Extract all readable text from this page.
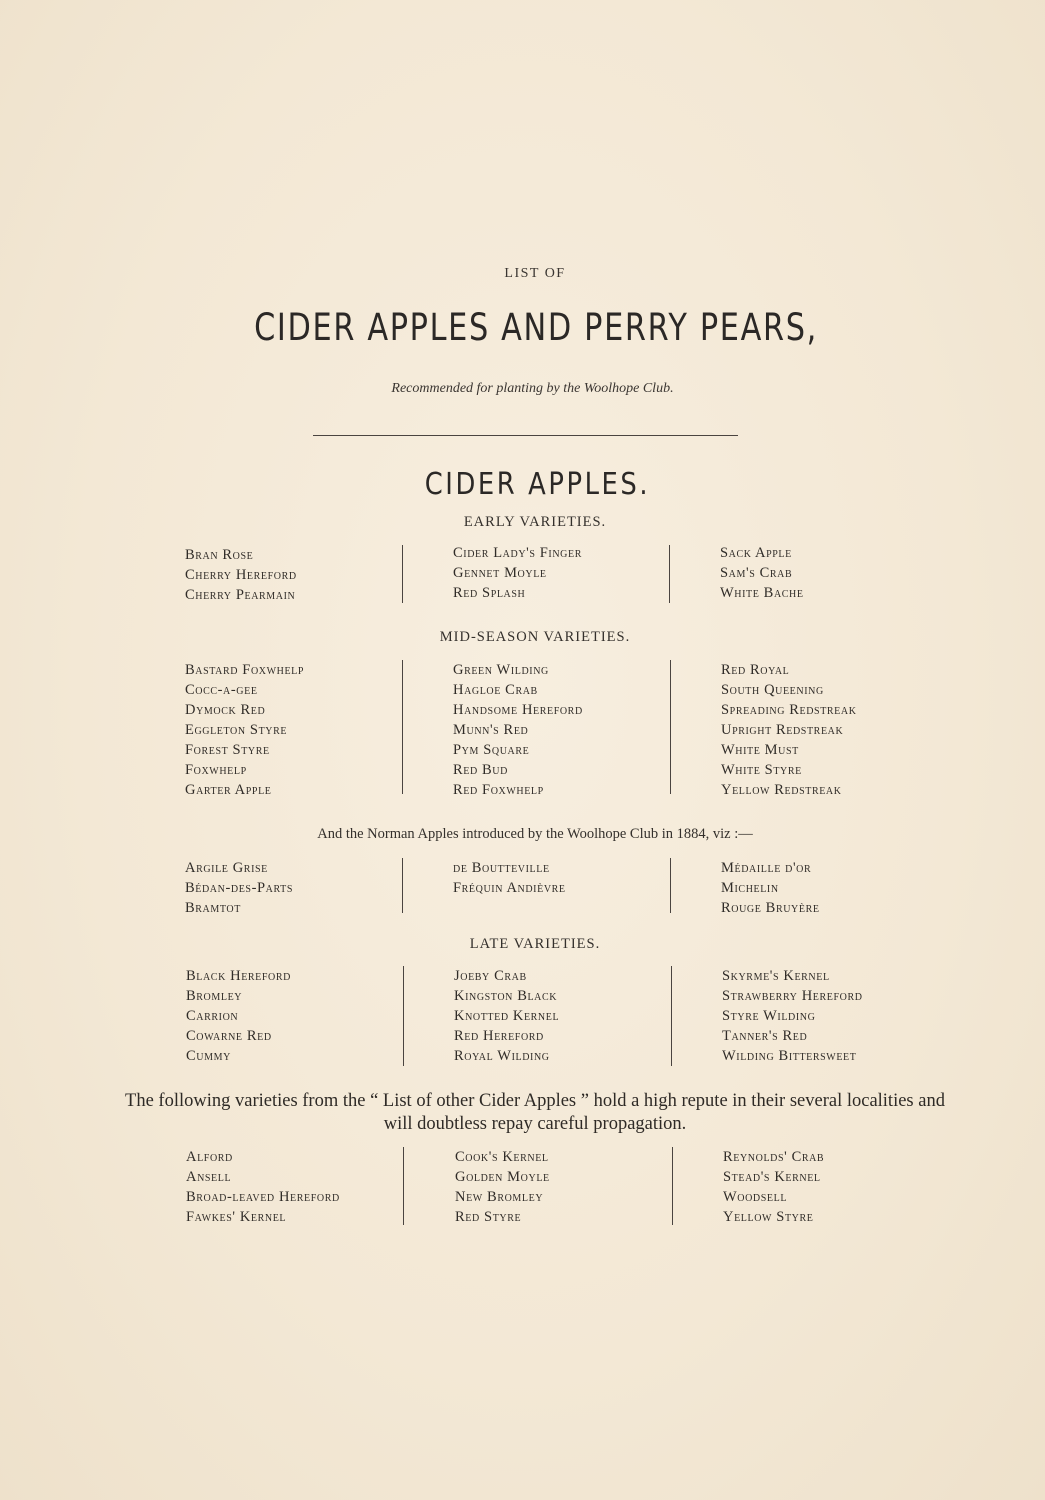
LIST OF
CIDER APPLES AND PERRY PEARS,
Recommended for planting by the Woolhope Club.
CIDER APPLES.
EARLY VARIETIES.
Bran Rose
Cherry Hereford
Cherry Pearmain
Cider Lady's Finger
Gennet Moyle
Red Splash
Sack Apple
Sam's Crab
White Bache
MID-SEASON VARIETIES.
Bastard Foxwhelp
Cocc-a-gee
Dymock Red
Eggleton Styre
Forest Styre
Foxwhelp
Garter Apple
Green Wilding
Hagloe Crab
Handsome Hereford
Munn's Red
Pym Square
Red Bud
Red Foxwhelp
Red Royal
South Queening
Spreading Redstreak
Upright Redstreak
White Must
White Styre
Yellow Redstreak
And the Norman Apples introduced by the Woolhope Club in 1884, viz :—
Argile Grise
Bédan-des-Parts
Bramtot
de Boutteville
Fréquin Andièvre
Médaille d'or
Michelin
Rouge Bruyère
LATE VARIETIES.
Black Hereford
Bromley
Carrion
Cowarne Red
Cummy
Joeby Crab
Kingston Black
Knotted Kernel
Red Hereford
Royal Wilding
Skyrme's Kernel
Strawberry Hereford
Styre Wilding
Tanner's Red
Wilding Bittersweet
The following varieties from the “ List of other Cider Apples ” hold a high repute in their several localities and will doubtless repay careful propagation.
Alford
Ansell
Broad-leaved Hereford
Fawkes' Kernel
Cook's Kernel
Golden Moyle
New Bromley
Red Styre
Reynolds' Crab
Stead's Kernel
Woodsell
Yellow Styre
